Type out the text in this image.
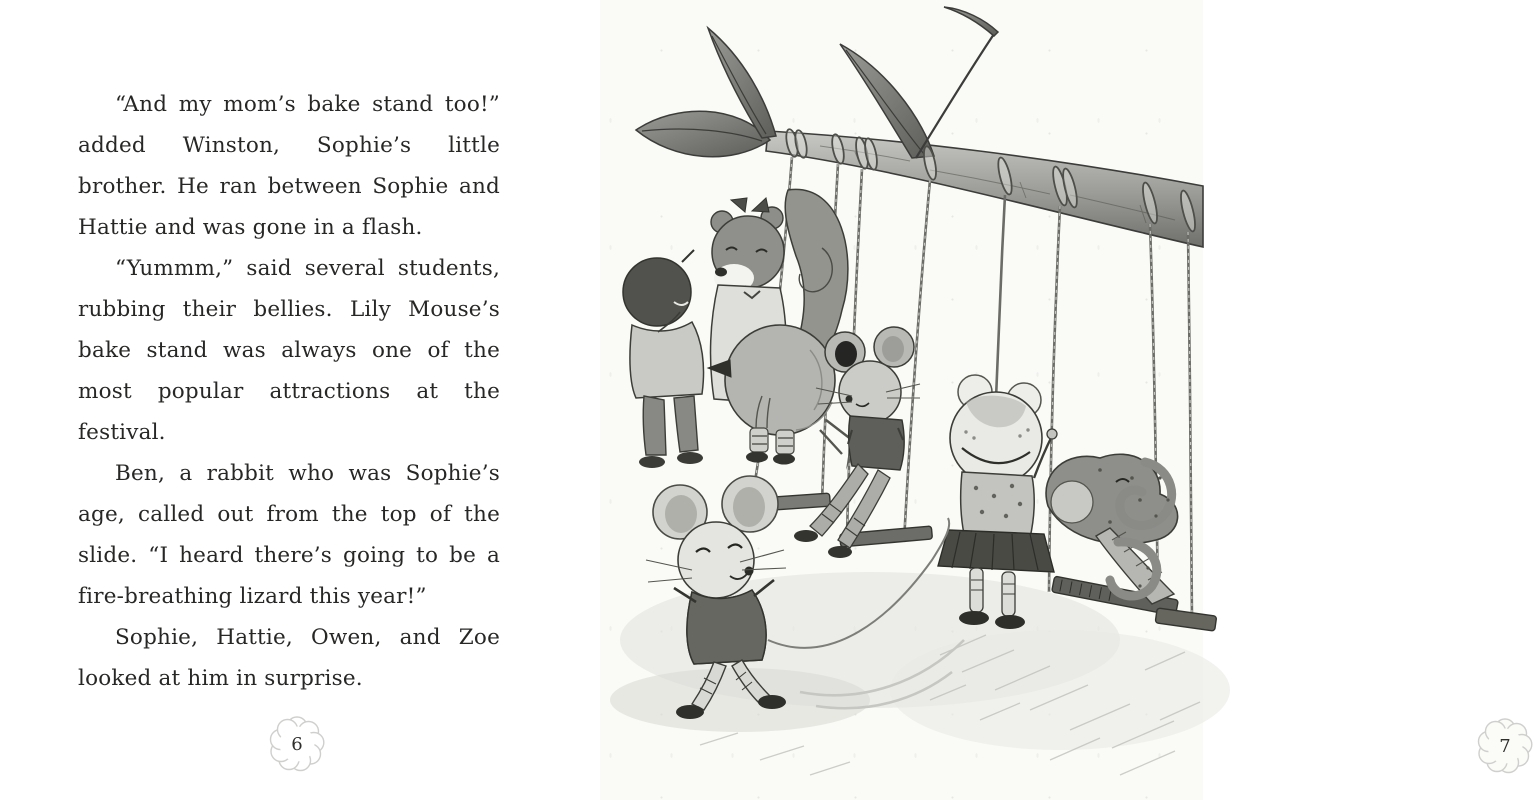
“And my mom’s bake stand too!” added Winston, Sophie’s little brother. He ran between Sophie and Hattie and was gone in a flash.

“Yummm,” said several students, rubbing their bellies. Lily Mouse’s bake stand was always one of the most popular attractions at the festival.

Ben, a rabbit who was Sophie’s age, called out from the top of the slide. “I heard there’s going to be a fire-breathing lizard this year!”

Sophie, Hattie, Owen, and Zoe looked at him in surprise.

6	7
